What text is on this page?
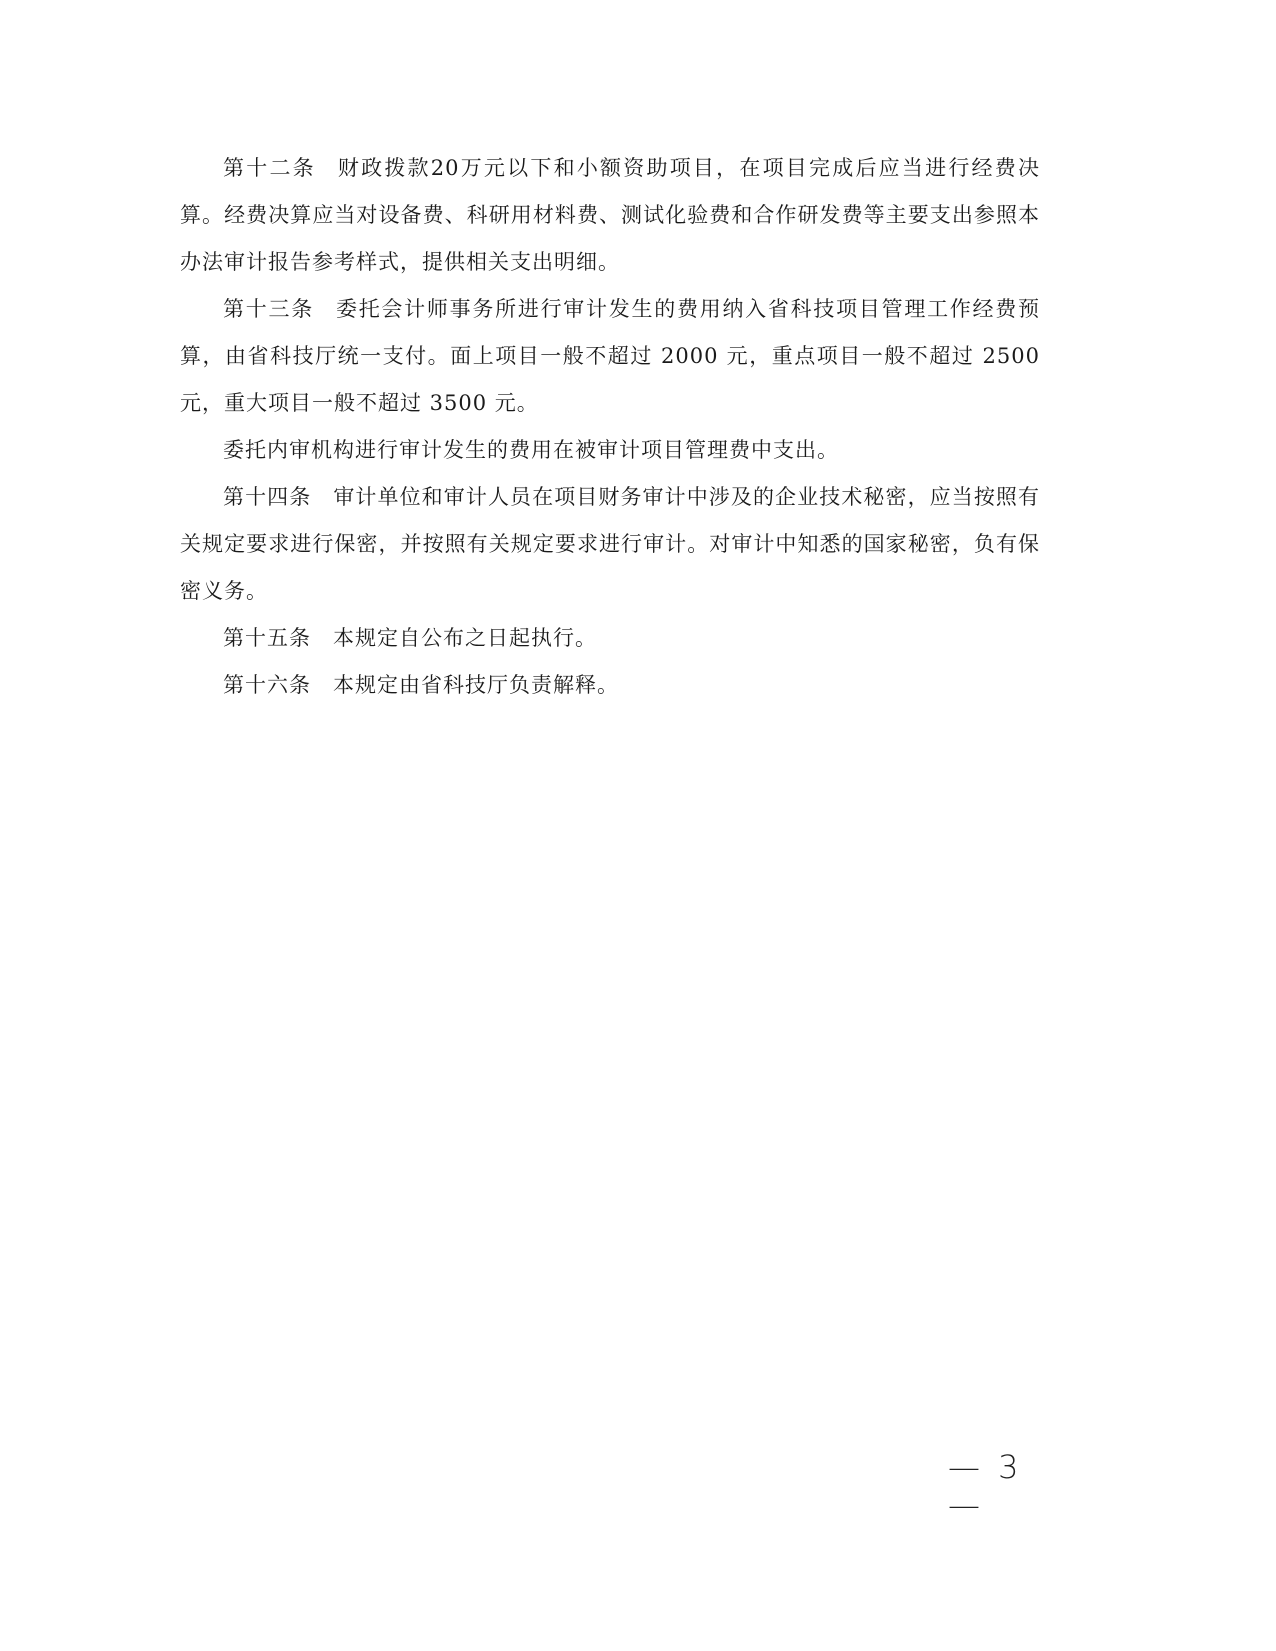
第十二条 财政拨款20万元以下和小额资助项目，在项目完成后应当进行经费决算。经费决算应当对设备费、科研用材料费、测试化验费和合作研发费等主要支出参照本办法审计报告参考样式，提供相关支出明细。

第十三条 委托会计师事务所进行审计发生的费用纳入省科技项目管理工作经费预算，由省科技厅统一支付。面上项目一般不超过 2000 元，重点项目一般不超过 2500 元，重大项目一般不超过 3500 元。

委托内审机构进行审计发生的费用在被审计项目管理费中支出。

第十四条 审计单位和审计人员在项目财务审计中涉及的企业技术秘密，应当按照有关规定要求进行保密，并按照有关规定要求进行审计。对审计中知悉的国家秘密，负有保密义务。

第十五条 本规定自公布之日起执行。

第十六条 本规定由省科技厅负责解释。

— 3 —
